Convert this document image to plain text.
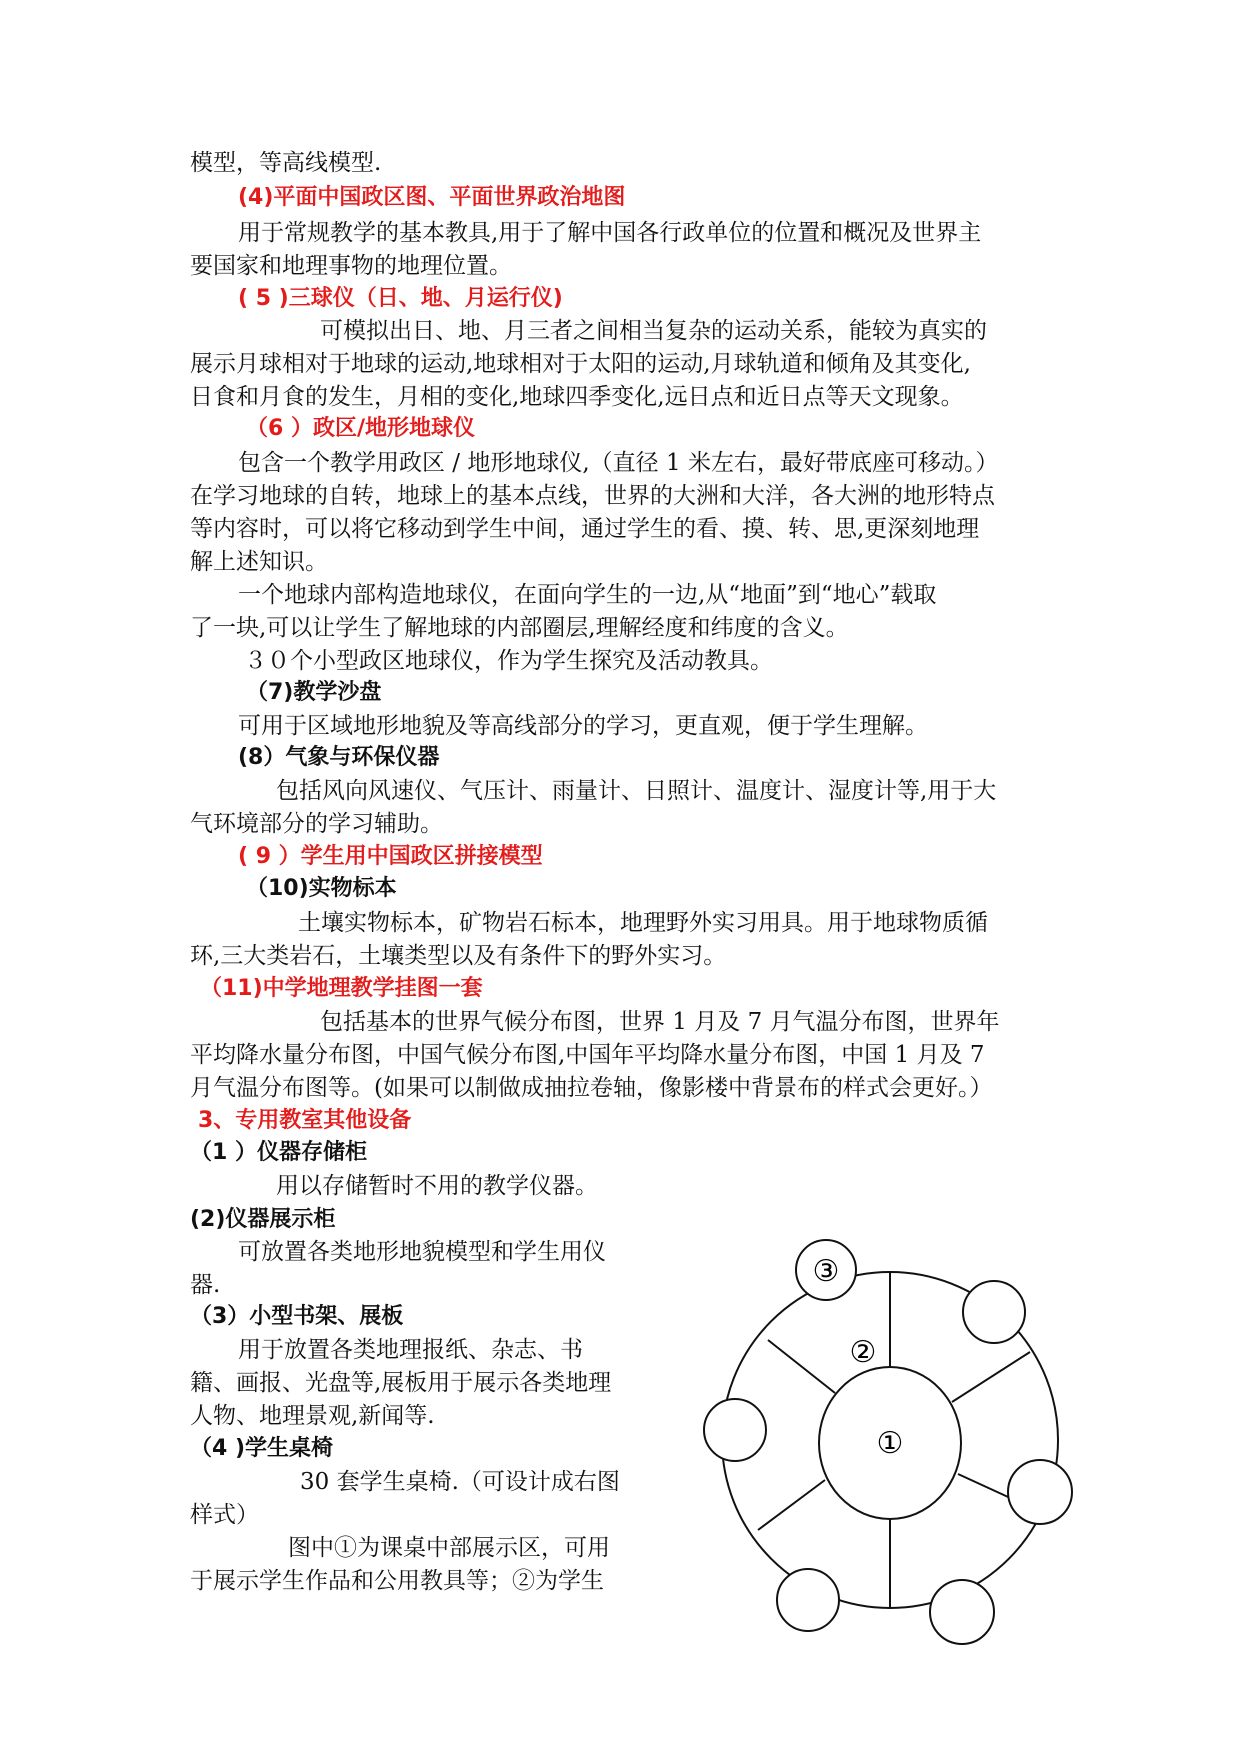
模型，等高线模型.
(4)平面中国政区图、平面世界政治地图
用于常规教学的基本教具,用于了解中国各行政单位的位置和概况及世界主
要国家和地理事物的地理位置。
( 5 )三球仪（日、地、月运行仪)
可模拟出日、地、月三者之间相当复杂的运动关系，能较为真实的
展示月球相对于地球的运动,地球相对于太阳的运动,月球轨道和倾角及其变化,
日食和月食的发生，月相的变化,地球四季变化,远日点和近日点等天文现象。
（6 ）政区/地形地球仪
包含一个教学用政区 / 地形地球仪,（直径 1 米左右，最好带底座可移动。）
在学习地球的自转，地球上的基本点线，世界的大洲和大洋，各大洲的地形特点
等内容时，可以将它移动到学生中间，通过学生的看、摸、转、思,更深刻地理
解上述知识。
一个地球内部构造地球仪，在面向学生的一边,从“地面”到“地心”载取
了一块,可以让学生了解地球的内部圈层,理解经度和纬度的含义。
３０个小型政区地球仪，作为学生探究及活动教具。
（7)教学沙盘
可用于区域地形地貌及等高线部分的学习，更直观，便于学生理解。
(8）气象与环保仪器
包括风向风速仪、气压计、雨量计、日照计、温度计、湿度计等,用于大
气环境部分的学习辅助。
( 9 ）学生用中国政区拼接模型
（10)实物标本
土壤实物标本，矿物岩石标本，地理野外实习用具。用于地球物质循
环,三大类岩石，土壤类型以及有条件下的野外实习。
（11)中学地理教学挂图一套
包括基本的世界气候分布图，世界 1 月及 7 月气温分布图，世界年
平均降水量分布图，中国气候分布图,中国年平均降水量分布图，中国 1 月及 7
月气温分布图等。(如果可以制做成抽拉卷轴，像影楼中背景布的样式会更好。）
3、专用教室其他设备
（1 ）仪器存储柜
用以存储暂时不用的教学仪器。
(2)仪器展示柜
可放置各类地形地貌模型和学生用仪
器.
（3）小型书架、展板
用于放置各类地理报纸、杂志、书
籍、画报、光盘等,展板用于展示各类地理
人物、地理景观,新闻等.
（4 )学生桌椅
30 套学生桌椅.（可设计成右图
样式）
图中①为课桌中部展示区，可用
于展示学生作品和公用教具等；②为学生
①
②
③
